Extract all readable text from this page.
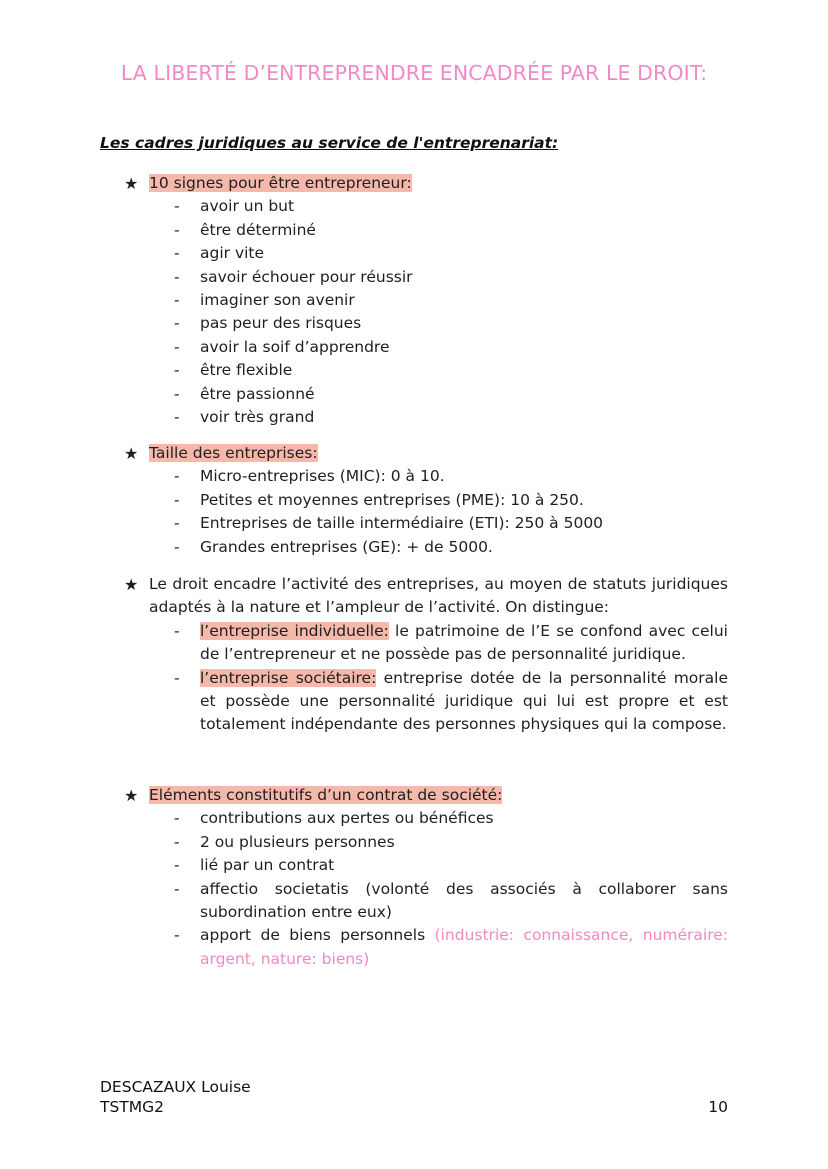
LA LIBERTÉ D’ENTREPRENDRE ENCADRÉE PAR LE DROIT:
Les cadres juridiques au service de l'entreprenariat:
★ 10 signes pour être entrepreneur:
- avoir un but
- être déterminé
- agir vite
- savoir échouer pour réussir
- imaginer son avenir
- pas peur des risques
- avoir la soif d’apprendre
- être flexible
- être passionné
- voir très grand
★ Taille des entreprises:
- Micro-entreprises (MIC): 0 à 10.
- Petites et moyennes entreprises (PME): 10 à 250.
- Entreprises de taille intermédiaire (ETI): 250 à 5000
- Grandes entreprises (GE): + de 5000.
★ Le droit encadre l’activité des entreprises, au moyen de statuts juridiques adaptés à la nature et l’ampleur de l’activité. On distingue:
- l’entreprise individuelle: le patrimoine de l’E se confond avec celui de l’entrepreneur et ne possède pas de personnalité juridique.
- l’entreprise sociétaire: entreprise dotée de la personnalité morale et possède une personnalité juridique qui lui est propre et est totalement indépendante des personnes physiques qui la compose.
★ Eléments constitutifs d’un contrat de société:
- contributions aux pertes ou bénéfices
- 2 ou plusieurs personnes
- lié par un contrat
- affectio societatis (volonté des associés à collaborer sans subordination entre eux)
- apport de biens personnels (industrie: connaissance, numéraire: argent, nature: biens)
DESCAZAUX Louise
TSTMG2	10
